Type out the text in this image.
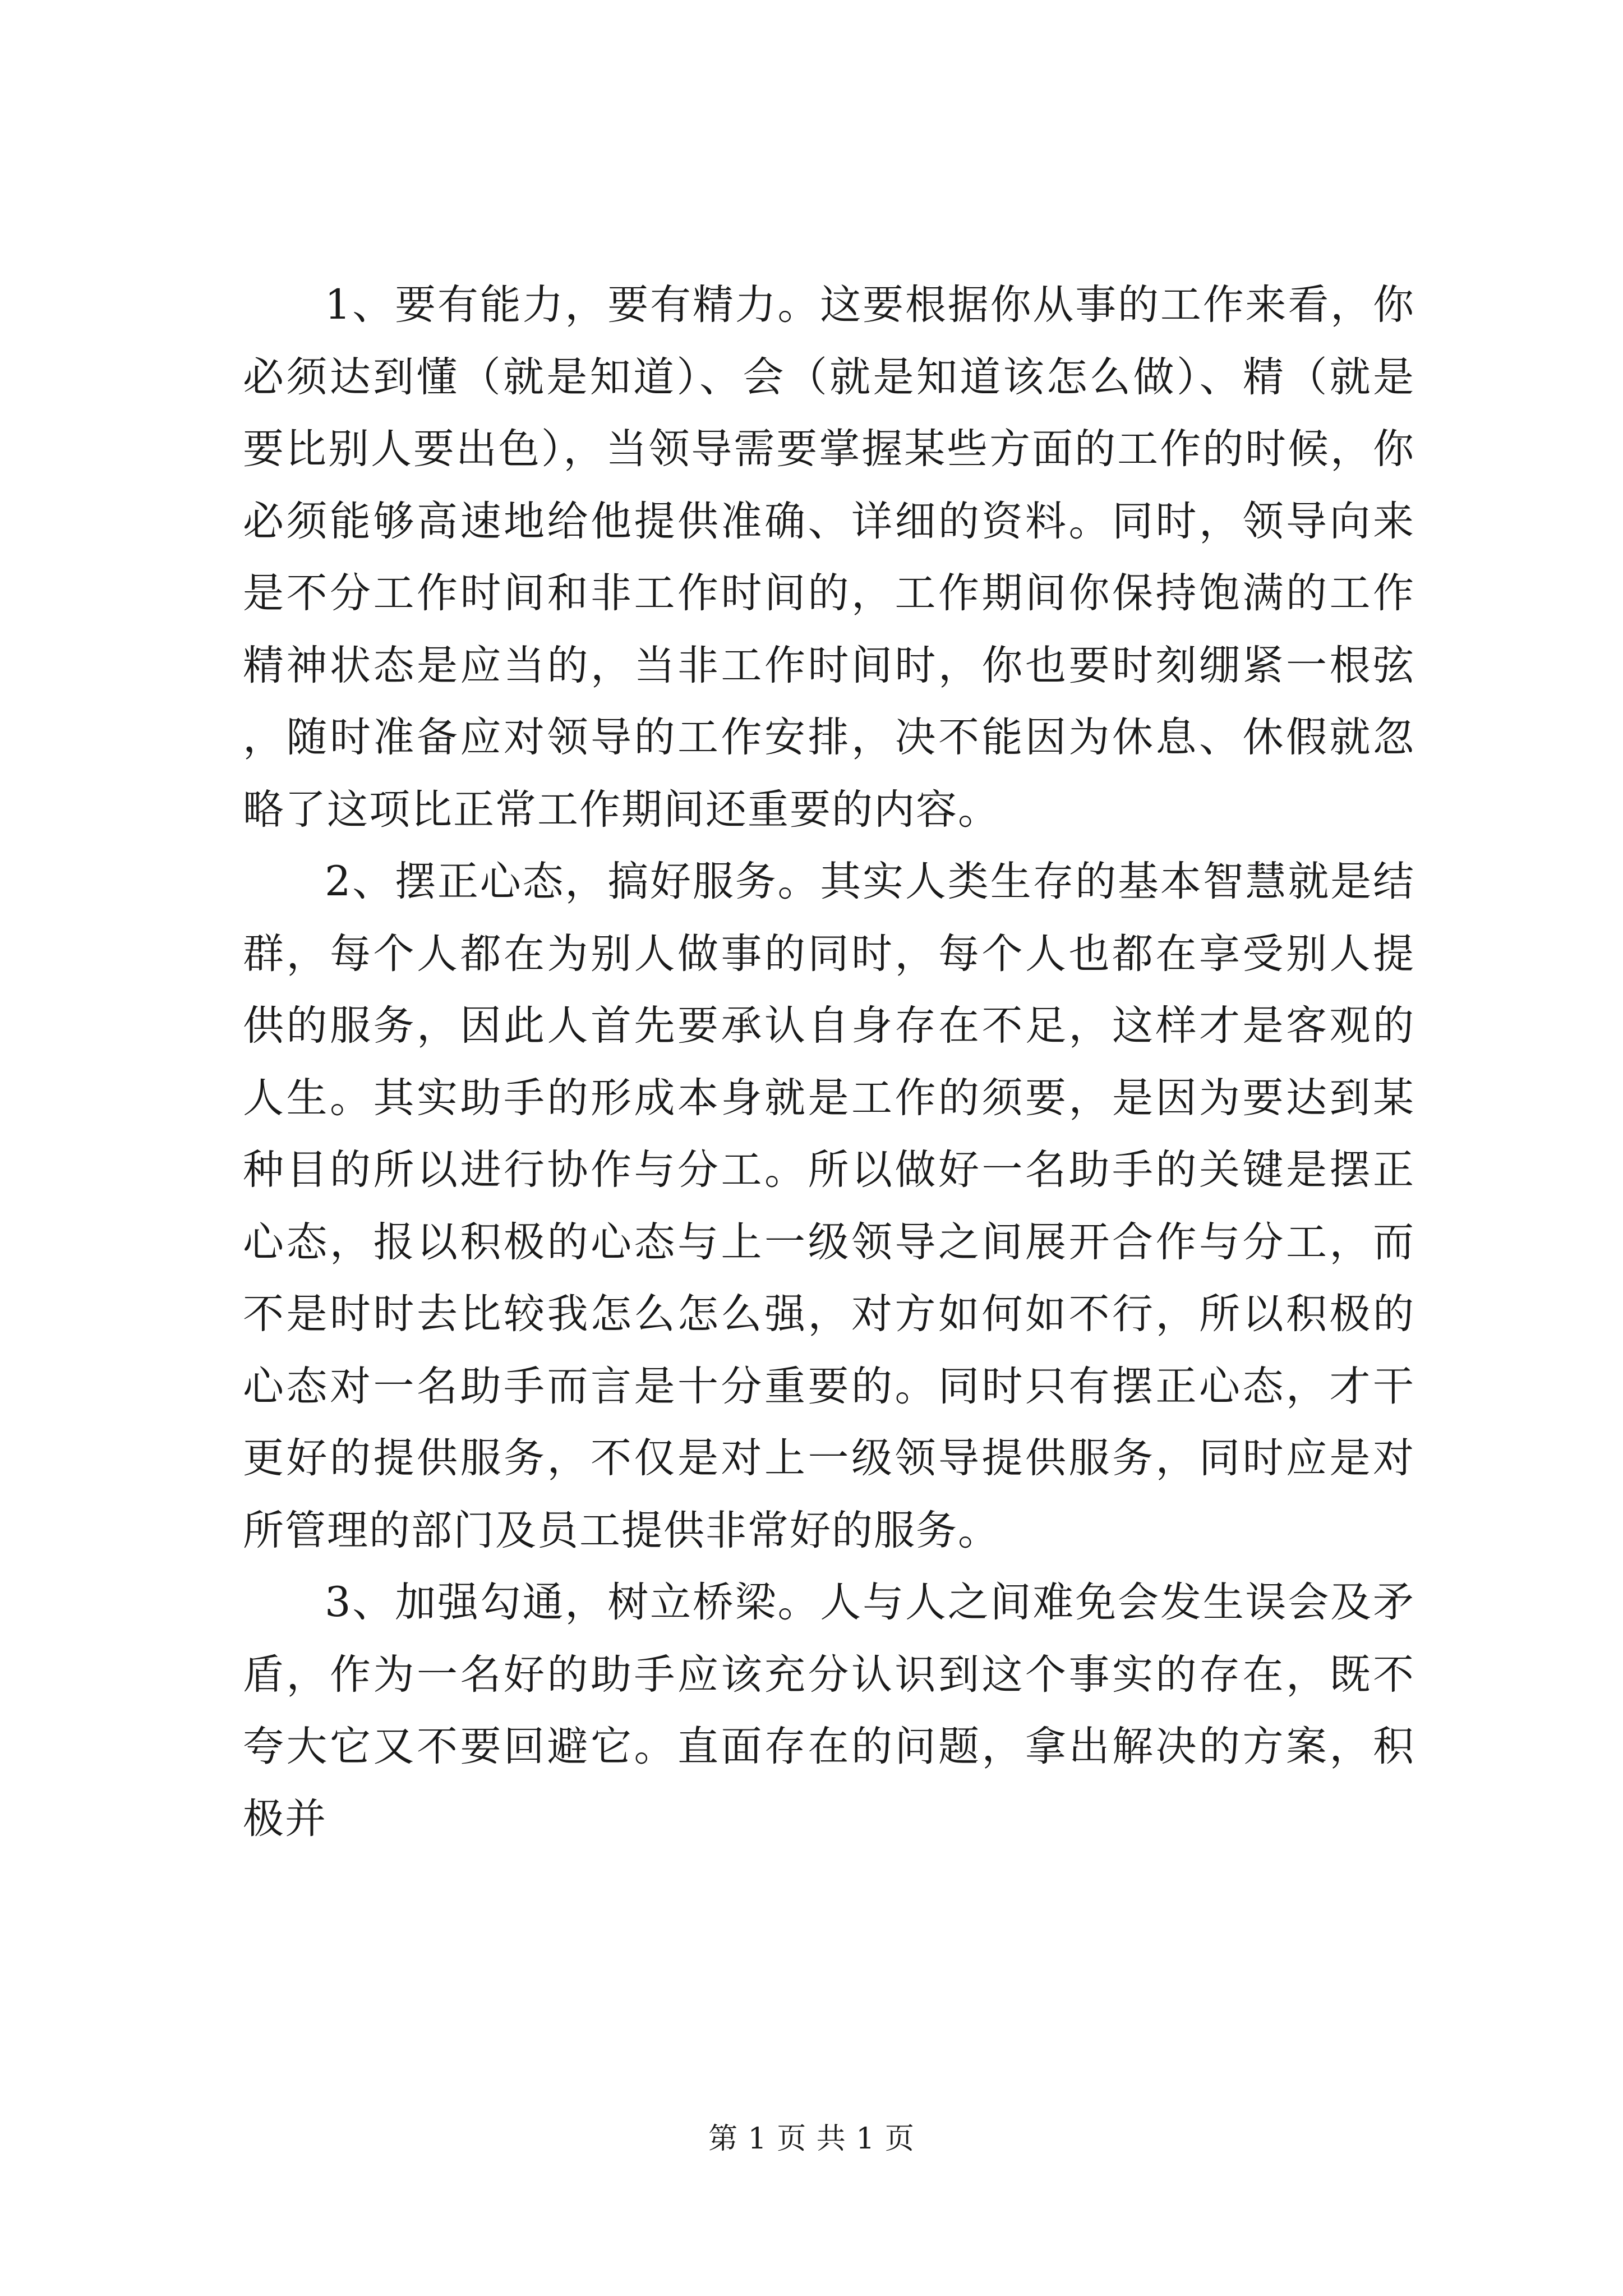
1、要有能力，要有精力。这要根据你从事的工作来看，你必须达到懂（就是知道）、会（就是知道该怎么做）、精（就是要比别人要出色），当领导需要掌握某些方面的工作的时候，你必须能够高速地给他提供准确、详细的资料。同时，领导向来是不分工作时间和非工作时间的，工作期间你保持饱满的工作精神状态是应当的，当非工作时间时，你也要时刻绷紧一根弦，随时准备应对领导的工作安排，决不能因为休息、休假就忽略了这项比正常工作期间还重要的内容。

2、摆正心态，搞好服务。其实人类生存的基本智慧就是结群，每个人都在为别人做事的同时，每个人也都在享受别人提供的服务，因此人首先要承认自身存在不足，这样才是客观的人生。其实助手的形成本身就是工作的须要，是因为要达到某种目的所以进行协作与分工。所以做好一名助手的关键是摆正心态，报以积极的心态与上一级领导之间展开合作与分工，而不是时时去比较我怎么怎么强，对方如何如不行，所以积极的心态对一名助手而言是十分重要的。同时只有摆正心态，才干更好的提供服务，不仅是对上一级领导提供服务，同时应是对所管理的部门及员工提供非常好的服务。

3、加强勾通，树立桥梁。人与人之间难免会发生误会及矛盾，作为一名好的助手应该充分认识到这个事实的存在，既不夸大它又不要回避它。直面存在的问题，拿出解决的方案，积极并

第 1 页 共 1 页
